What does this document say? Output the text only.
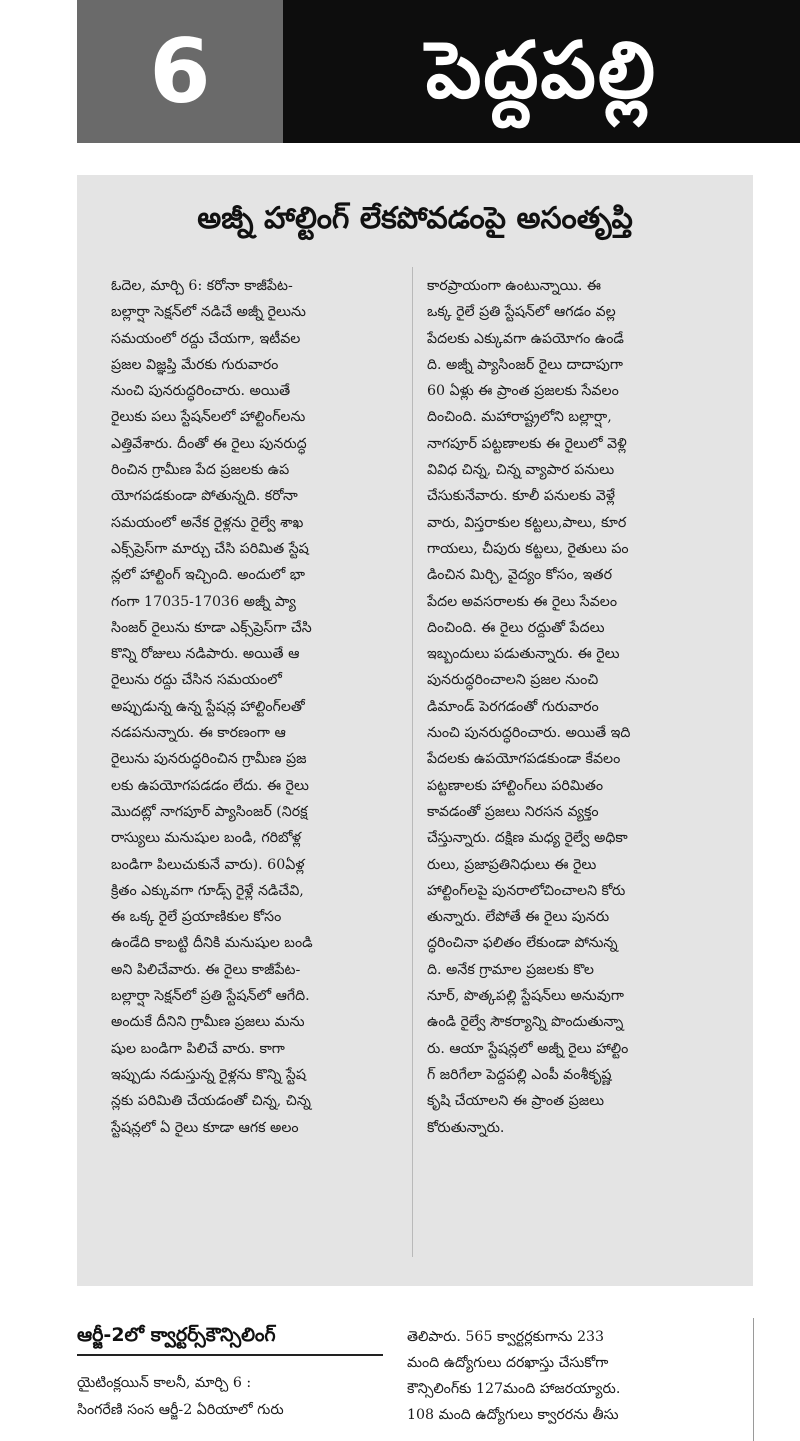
6	పెద్దపల్లి
అజ్నీ హాల్టింగ్ లేకపోవడంపై అసంతృప్తి
ఓదెల, మార్చి 6: కరోనా కాజీపేట-
బల్లార్షా సెక్షన్‌లో నడిచే అజ్నీ రైలును
సమయంలో రద్దు చేయగా, ఇటీవల
ప్రజల విజ్ఞప్తి మేరకు గురువారం
నుంచి పునరుద్ధరించారు. అయితే
రైలుకు పలు స్టేషన్‌లలో హాల్టింగ్‌లను
ఎత్తివేశారు. దీంతో ఈ రైలు పునరుద్ధ
రించిన గ్రామీణ పేద ప్రజలకు ఉప
యోగపడకుండా పోతున్నది. కరోనా
సమయంలో అనేక రైళ్లను రైల్వే శాఖ
ఎక్స్‌ప్రెస్‌గా మార్చు చేసి పరిమిత స్టేష
న్లలో హాల్టింగ్ ఇచ్చింది. అందులో భా
గంగా 17035-17036 అజ్నీ ప్యా
సింజర్ రైలును కూడా ఎక్స్‌ప్రెస్‌గా చేసి
కొన్ని రోజులు నడిపారు. అయితే ఆ
రైలును రద్దు చేసిన సమయంలో
అప్పుడున్న ఉన్న స్టేషన్ల హాల్టింగ్‌లతో
నడపనున్నారు. ఈ కారణంగా ఆ
రైలును పునరుద్ధరించిన గ్రామీణ ప్రజ
లకు ఉపయోగపడడం లేదు. ఈ రైలు
మొదట్లో నాగపూర్ ప్యాసింజర్ (నిరక్ష
రాస్యులు మనుషుల బండి, గరిబోళ్ల
బండిగా పిలుచుకునే వారు). 60ఏళ్ల
క్రితం ఎక్కువగా గూడ్స్ రైళ్లే నడిచేవి,
ఈ ఒక్క రైలే ప్రయాణికుల కోసం
ఉండేది కాబట్టి దీనికి మనుషుల బండి
అని పిలిచేవారు. ఈ రైలు కాజీపేట-
బల్లార్షా సెక్షన్‌లో ప్రతి స్టేషన్‌లో ఆగేది.
అందుకే దీనిని గ్రామీణ ప్రజలు మను
షుల బండిగా పిలిచే వారు. కాగా
ఇప్పుడు నడుస్తున్న రైళ్లను కొన్ని స్టేష
న్లకు పరిమితి చేయడంతో చిన్న, చిన్న
స్టేషన్లలో ఏ రైలు కూడా ఆగక అలం
కారప్రాయంగా ఉంటున్నాయి. ఈ
ఒక్క రైలే ప్రతి స్టేషన్‌లో ఆగడం వల్ల
పేదలకు ఎక్కువగా ఉపయోగం ఉండే
ది. అజ్నీ ప్యాసింజర్ రైలు దాదాపుగా
60 ఏళ్లు ఈ ప్రాంత ప్రజలకు సేవలం
దించింది. మహారాష్ట్రలోని బల్లార్షా,
నాగపూర్ పట్టణాలకు ఈ రైలులో వెళ్లి
వివిధ చిన్న, చిన్న వ్యాపార పనులు
చేసుకునేవారు. కూలీ పనులకు వెళ్లే
వారు, విస్తరాకుల కట్టలు,పాలు, కూర
గాయలు, చీపురు కట్టలు, రైతులు పం
డించిన మిర్చి, వైద్యం కోసం, ఇతర
పేదల అవసరాలకు ఈ రైలు సేవలం
దించింది. ఈ రైలు రద్దుతో పేదలు
ఇబ్బందులు పడుతున్నారు. ఈ రైలు
పునరుద్ధరించాలని ప్రజల నుంచి
డిమాండ్ పెరగడంతో గురువారం
నుంచి పునరుద్ధరించారు. అయితే ఇది
పేదలకు ఉపయోగపడకుండా కేవలం
పట్టణాలకు హాల్టింగ్‌లు పరిమితం
కావడంతో ప్రజలు నిరసన వ్యక్తం
చేస్తున్నారు. దక్షిణ మధ్య రైల్వే అధికా
రులు, ప్రజాప్రతినిధులు ఈ రైలు
హాల్టింగ్‌లపై పునరాలోచించాలని కోరు
తున్నారు. లేపోతే ఈ రైలు పునరు
ద్ధరించినా ఫలితం లేకుండా పోనున్న
ది. అనేక గ్రామాల ప్రజలకు కొల
నూర్, పొత్కపల్లి స్టేషన్‌లు అనువుగా
ఉండి రైల్వే సౌకర్యాన్ని పొందుతున్నా
రు. ఆయా స్టేషన్లలో అజ్నీ రైలు హాల్టిం
గ్ జరిగేలా పెద్దపల్లి ఎంపీ వంశీకృష్ణ
కృషి చేయాలని ఈ ప్రాంత ప్రజలు
కోరుతున్నారు.
ఆర్జీ-2లో క్వార్టర్స్‌కౌన్సిలింగ్
యైటింక్లయిన్ కాలనీ, మార్చి 6 :
సింగరేణి సంస ఆర్జీ-2 ఏరియాలో గురు
తెలిపారు. 565 క్వార్టర్లకుగాను 233
మంది ఉద్యోగులు దరఖాస్తు చేసుకోగా
కౌన్సిలింగ్‌కు 127మంది హాజరయ్యారు.
108 మంది ఉద్యోగులు క్వారరను తీసు
